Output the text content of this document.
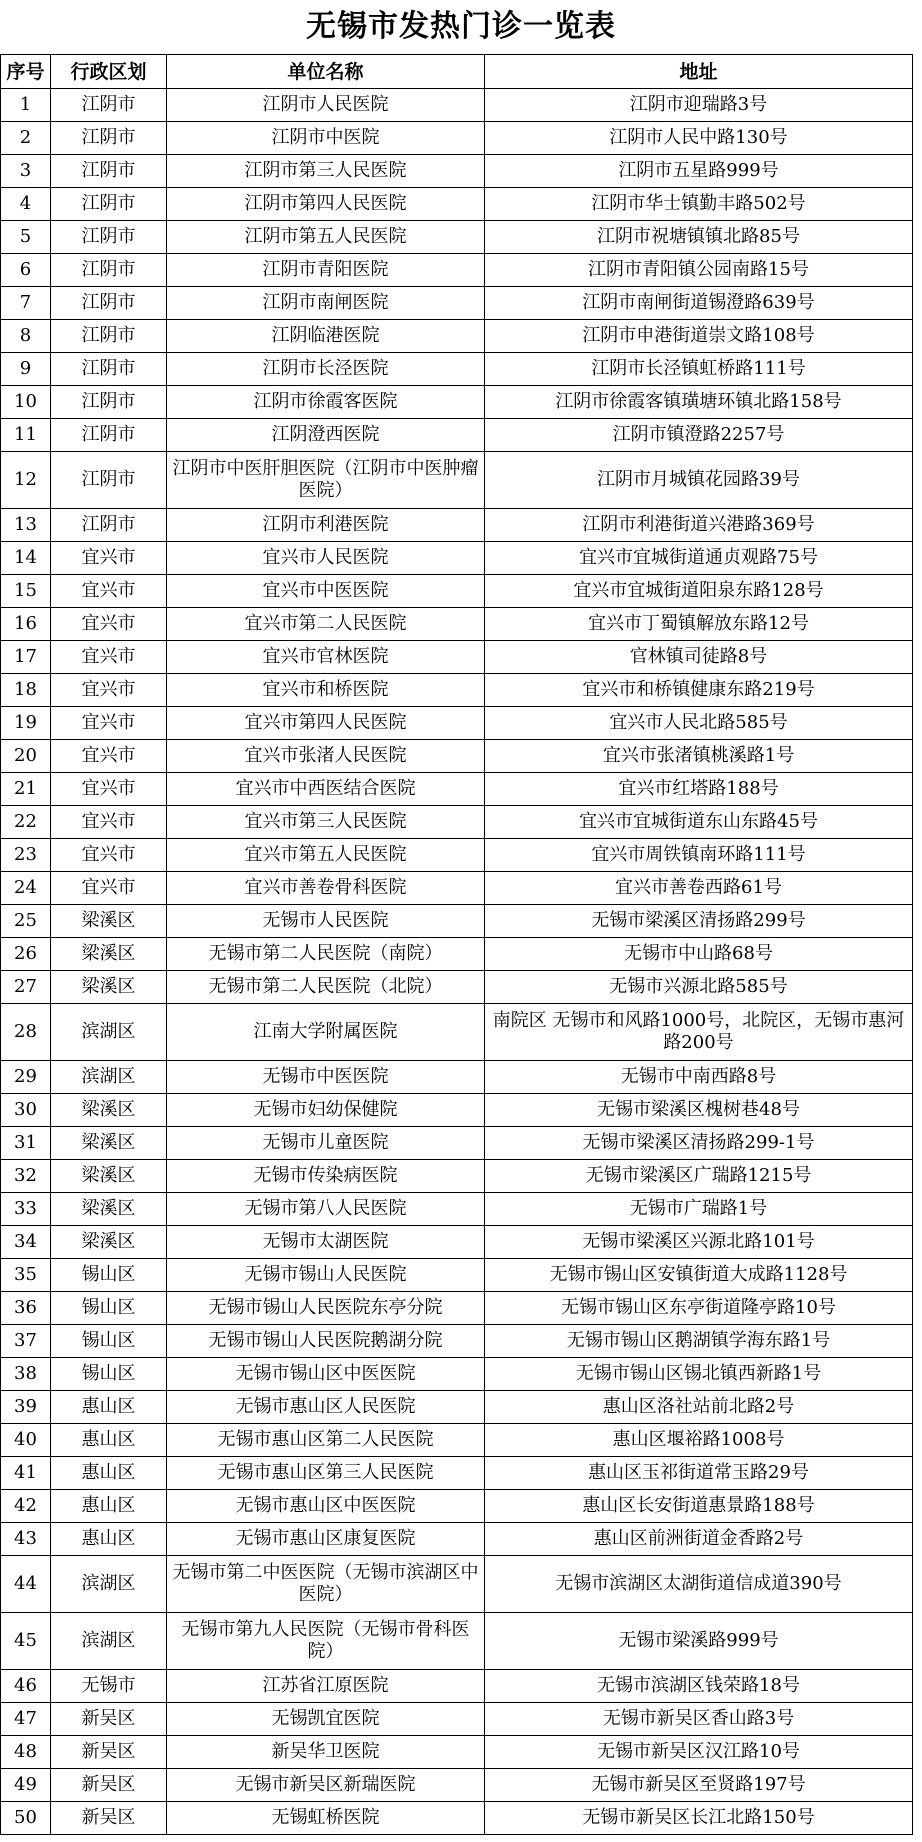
无锡市发热门诊一览表
序号	行政区划	单位名称	地址
1	江阴市	江阴市人民医院	江阴市迎瑞路3号
2	江阴市	江阴市中医院	江阴市人民中路130号
3	江阴市	江阴市第三人民医院	江阴市五星路999号
4	江阴市	江阴市第四人民医院	江阴市华士镇勤丰路502号
5	江阴市	江阴市第五人民医院	江阴市祝塘镇镇北路85号
6	江阴市	江阴市青阳医院	江阴市青阳镇公园南路15号
7	江阴市	江阴市南闸医院	江阴市南闸街道锡澄路639号
8	江阴市	江阴临港医院	江阴市申港街道崇文路108号
9	江阴市	江阴市长泾医院	江阴市长泾镇虹桥路111号
10	江阴市	江阴市徐霞客医院	江阴市徐霞客镇璜塘环镇北路158号
11	江阴市	江阴澄西医院	江阴市镇澄路2257号
12	江阴市	江阴市中医肝胆医院（江阴市中医肿瘤医院）	江阴市月城镇花园路39号
13	江阴市	江阴市利港医院	江阴市利港街道兴港路369号
14	宜兴市	宜兴市人民医院	宜兴市宜城街道通贞观路75号
15	宜兴市	宜兴市中医医院	宜兴市宜城街道阳泉东路128号
16	宜兴市	宜兴市第二人民医院	宜兴市丁蜀镇解放东路12号
17	宜兴市	宜兴市官林医院	官林镇司徒路8号
18	宜兴市	宜兴市和桥医院	宜兴市和桥镇健康东路219号
19	宜兴市	宜兴市第四人民医院	宜兴市人民北路585号
20	宜兴市	宜兴市张渚人民医院	宜兴市张渚镇桃溪路1号
21	宜兴市	宜兴市中西医结合医院	宜兴市红塔路188号
22	宜兴市	宜兴市第三人民医院	宜兴市宜城街道东山东路45号
23	宜兴市	宜兴市第五人民医院	宜兴市周铁镇南环路111号
24	宜兴市	宜兴市善卷骨科医院	宜兴市善卷西路61号
25	梁溪区	无锡市人民医院	无锡市梁溪区清扬路299号
26	梁溪区	无锡市第二人民医院（南院）	无锡市中山路68号
27	梁溪区	无锡市第二人民医院（北院）	无锡市兴源北路585号
28	滨湖区	江南大学附属医院	南院区 无锡市和风路1000号，北院区，无锡市惠河路200号
29	滨湖区	无锡市中医医院	无锡市中南西路8号
30	梁溪区	无锡市妇幼保健院	无锡市梁溪区槐树巷48号
31	梁溪区	无锡市儿童医院	无锡市梁溪区清扬路299-1号
32	梁溪区	无锡市传染病医院	无锡市梁溪区广瑞路1215号
33	梁溪区	无锡市第八人民医院	无锡市广瑞路1号
34	梁溪区	无锡市太湖医院	无锡市梁溪区兴源北路101号
35	锡山区	无锡市锡山人民医院	无锡市锡山区安镇街道大成路1128号
36	锡山区	无锡市锡山人民医院东亭分院	无锡市锡山区东亭街道隆亭路10号
37	锡山区	无锡市锡山人民医院鹅湖分院	无锡市锡山区鹅湖镇学海东路1号
38	锡山区	无锡市锡山区中医医院	无锡市锡山区锡北镇西新路1号
39	惠山区	无锡市惠山区人民医院	惠山区洛社站前北路2号
40	惠山区	无锡市惠山区第二人民医院	惠山区堰裕路1008号
41	惠山区	无锡市惠山区第三人民医院	惠山区玉祁街道常玉路29号
42	惠山区	无锡市惠山区中医医院	惠山区长安街道惠景路188号
43	惠山区	无锡市惠山区康复医院	惠山区前洲街道金香路2号
44	滨湖区	无锡市第二中医医院（无锡市滨湖区中医院）	无锡市滨湖区太湖街道信成道390号
45	滨湖区	无锡市第九人民医院（无锡市骨科医院）	无锡市梁溪路999号
46	无锡市	江苏省江原医院	无锡市滨湖区钱荣路18号
47	新吴区	无锡凯宜医院	无锡市新吴区香山路3号
48	新吴区	新吴华卫医院	无锡市新吴区汉江路10号
49	新吴区	无锡市新吴区新瑞医院	无锡市新吴区至贤路197号
50	新吴区	无锡虹桥医院	无锡市新吴区长江北路150号
